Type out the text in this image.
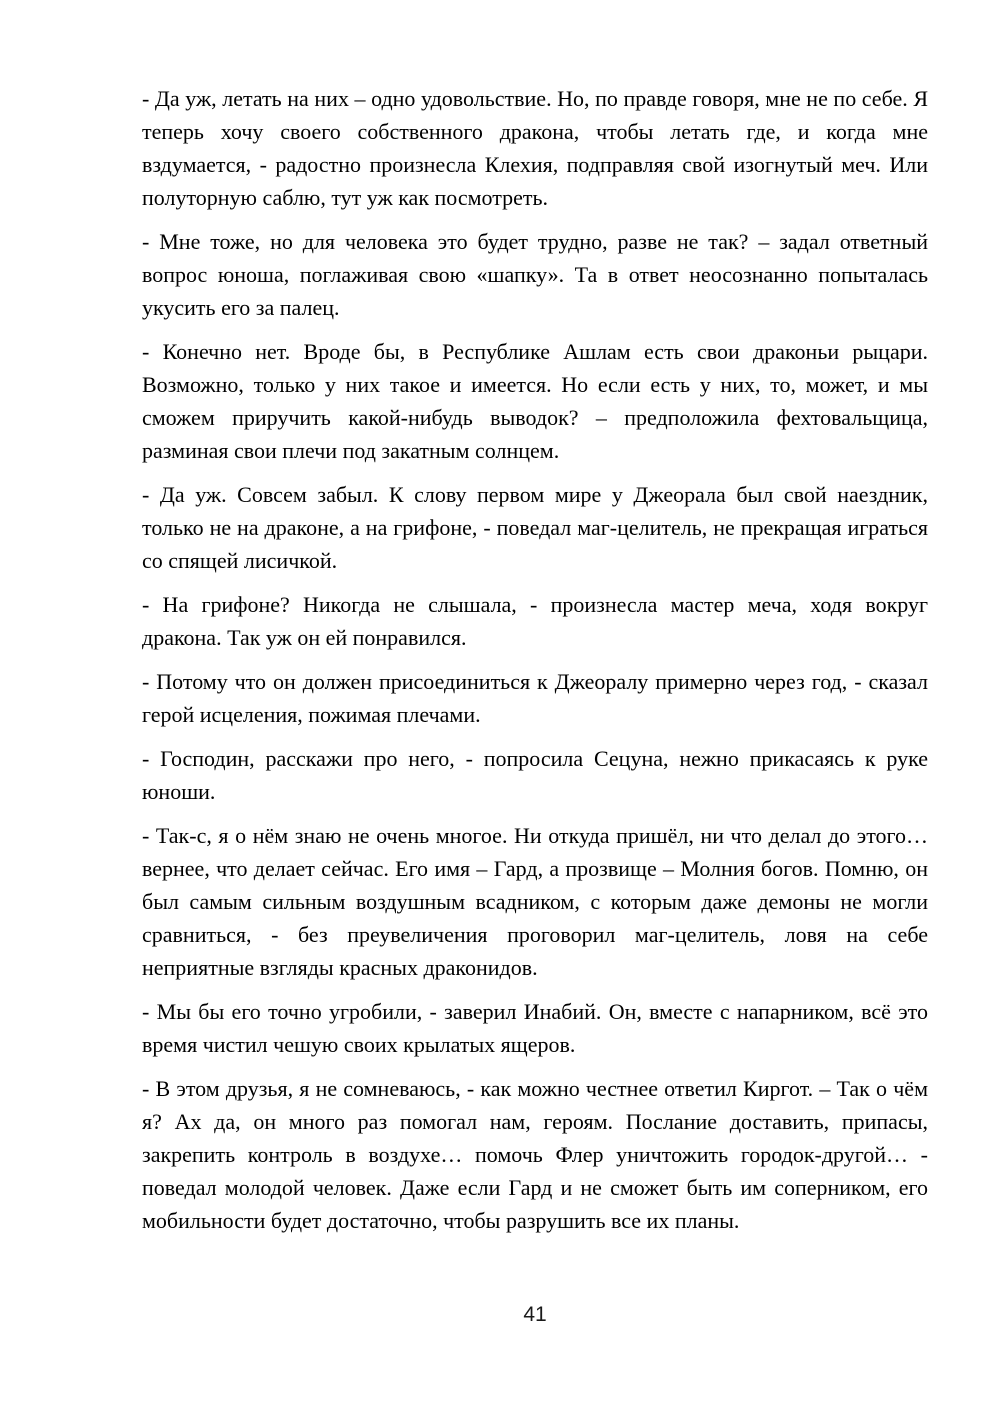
- Да уж, летать на них – одно удовольствие. Но, по правде говоря, мне не по себе. Я теперь хочу своего собственного дракона, чтобы летать где, и когда мне вздумается, - радостно произнесла Клехия, подправляя свой изогнутый меч. Или полуторную саблю, тут уж как посмотреть.

- Мне тоже, но для человека это будет трудно, разве не так? – задал ответный вопрос юноша, поглаживая свою «шапку». Та в ответ неосознанно попыталась укусить его за палец.

- Конечно нет. Вроде бы, в Республике Ашлам есть свои драконьи рыцари. Возможно, только у них такое и имеется. Но если есть у них, то, может, и мы сможем приручить какой-нибудь выводок? – предположила фехтовальщица, разминая свои плечи под закатным солнцем.

- Да уж. Совсем забыл. К слову первом мире у Джеорала был свой наездник, только не на драконе, а на грифоне, - поведал маг-целитель, не прекращая играться со спящей лисичкой.

- На грифоне? Никогда не слышала, - произнесла мастер меча, ходя вокруг дракона. Так уж он ей понравился.

- Потому что он должен присоединиться к Джеоралу примерно через год, - сказал герой исцеления, пожимая плечами.

- Господин, расскажи про него, - попросила Сецуна, нежно прикасаясь к руке юноши.

- Так-с, я о нём знаю не очень многое. Ни откуда пришёл, ни что делал до этого… вернее, что делает сейчас. Его имя – Гард, а прозвище – Молния богов. Помню, он был самым сильным воздушным всадником, с которым даже демоны не могли сравниться, - без преувеличения проговорил маг-целитель, ловя на себе неприятные взгляды красных драконидов.

- Мы бы его точно угробили, - заверил Инабий. Он, вместе с напарником, всё это время чистил чешую своих крылатых ящеров.

- В этом друзья, я не сомневаюсь, - как можно честнее ответил Киргот. – Так о чём я? Ах да, он много раз помогал нам, героям. Послание доставить, припасы, закрепить контроль в воздухе… помочь Флер уничтожить городок-другой… - поведал молодой человек. Даже если Гард и не сможет быть им соперником, его мобильности будет достаточно, чтобы разрушить все их планы.

41
